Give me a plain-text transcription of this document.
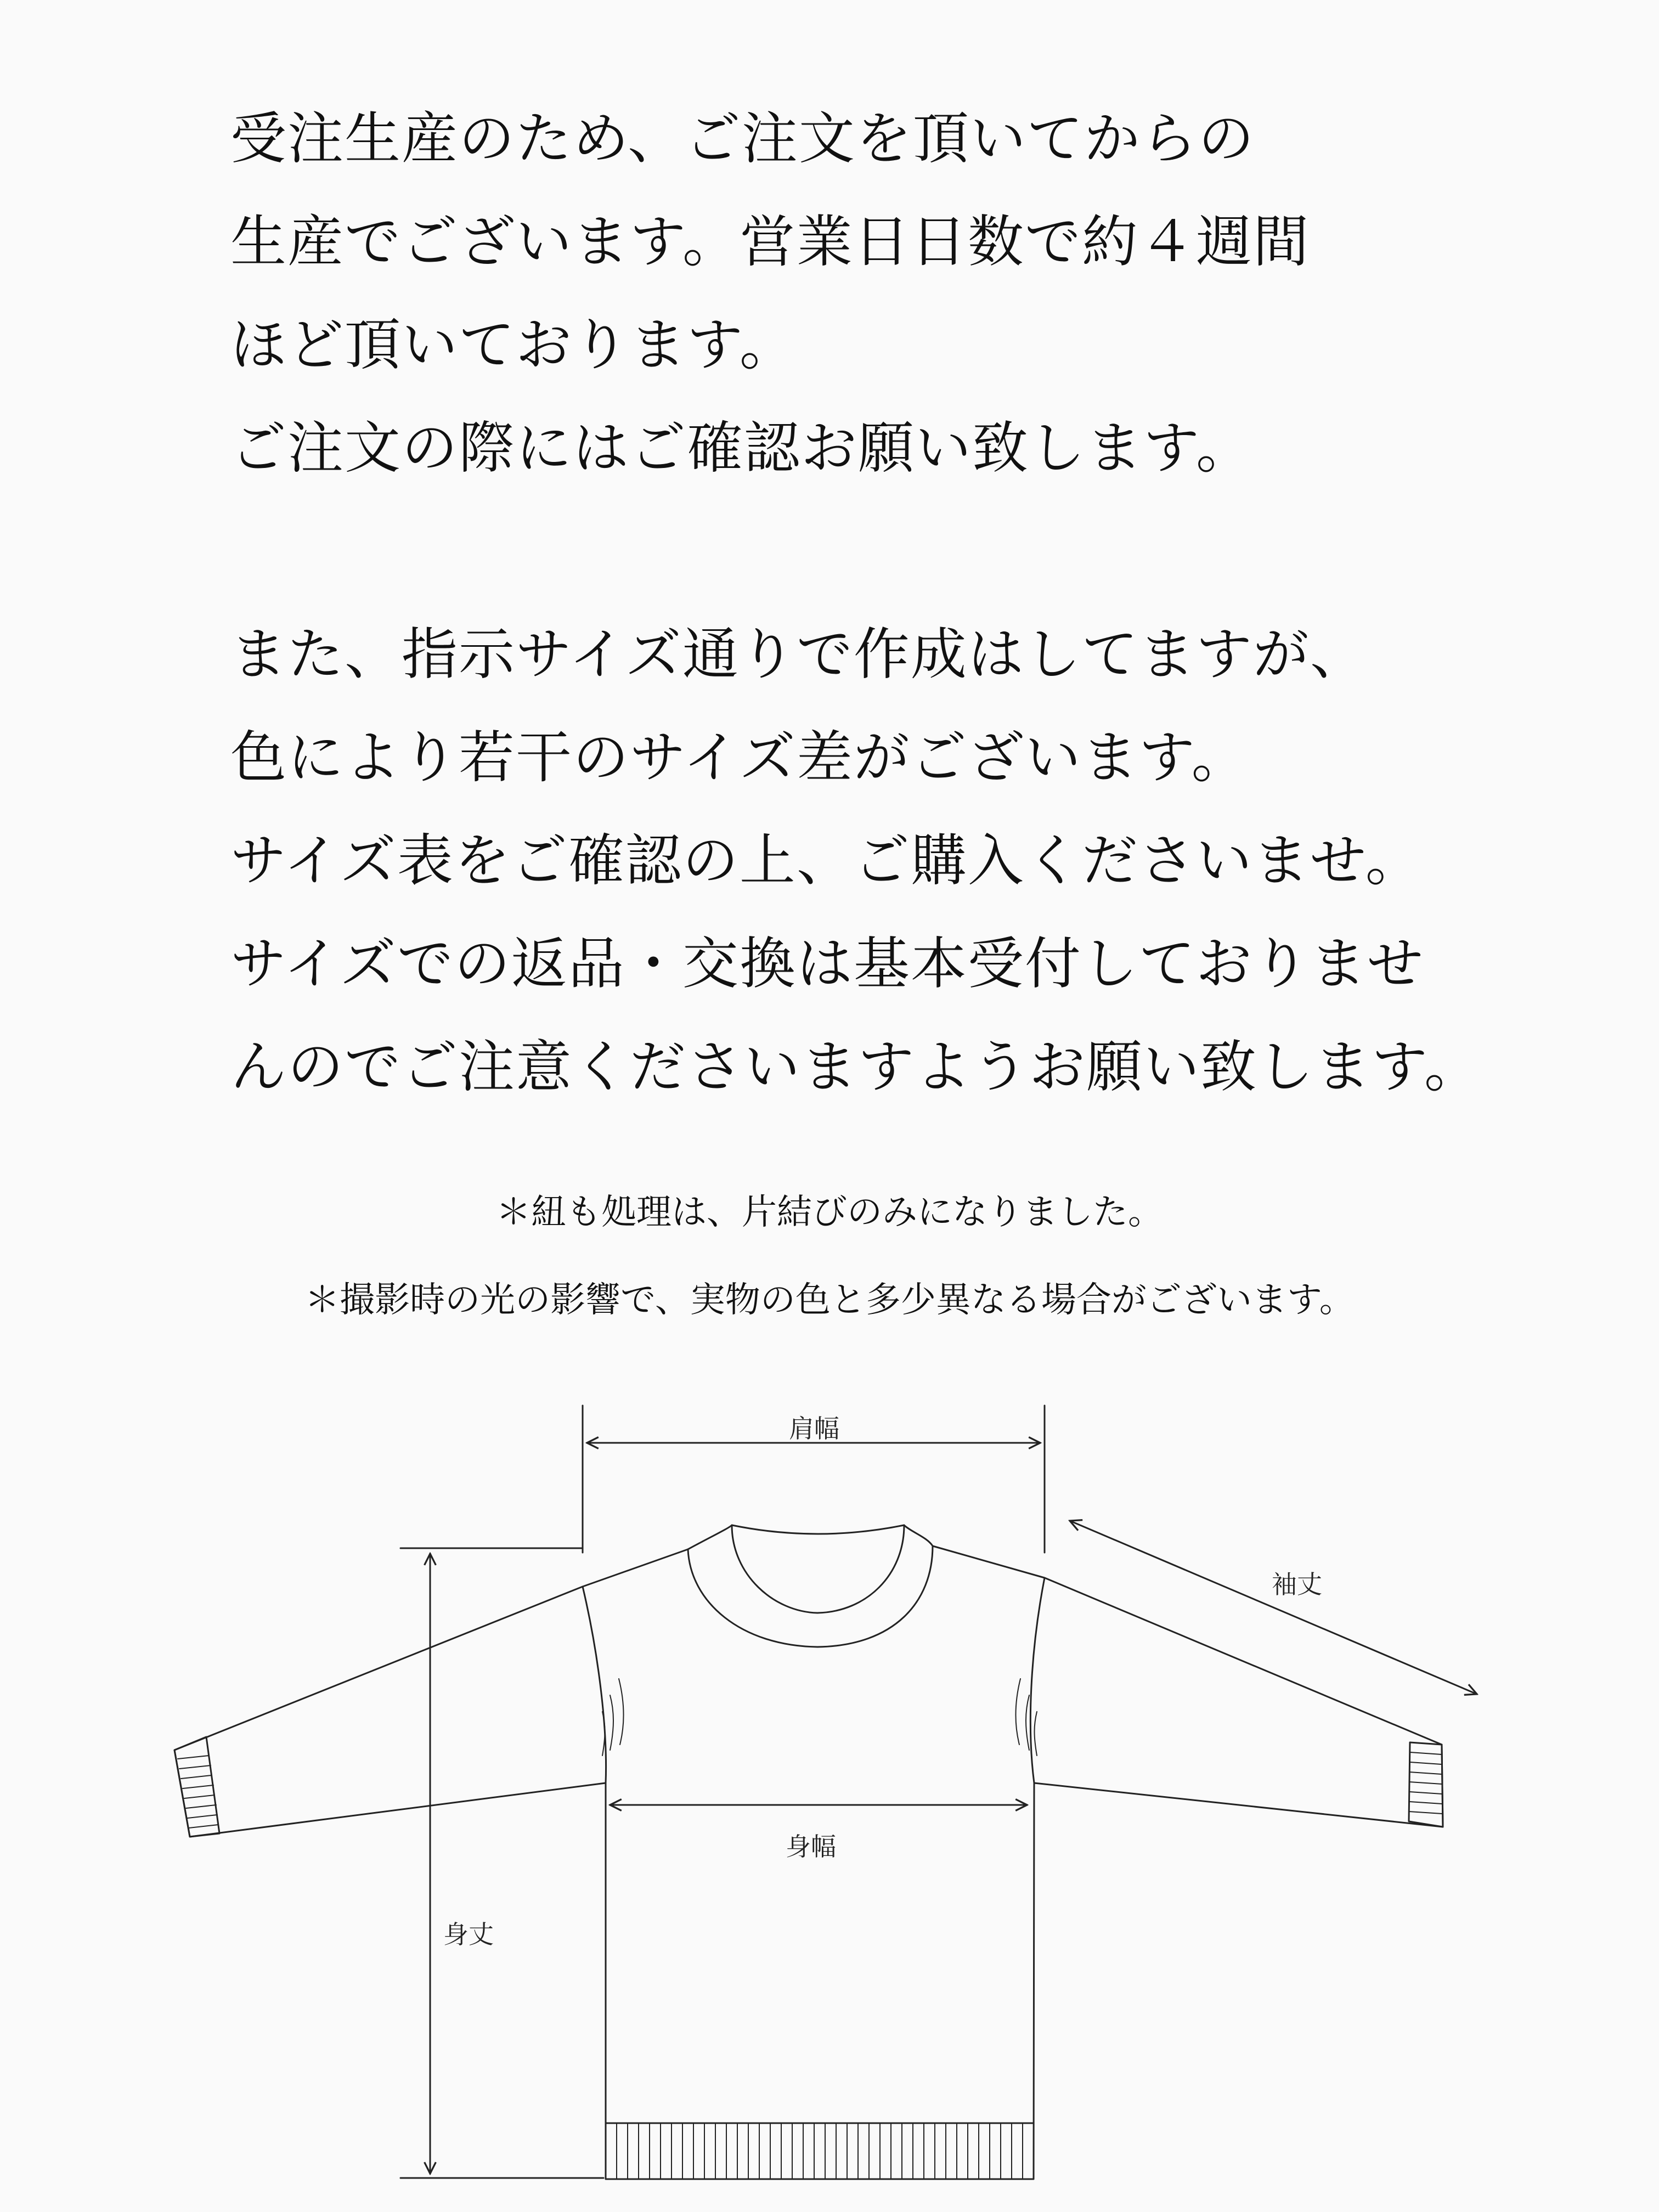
受注生産のため、ご注文を頂いてからの
生産でございます。営業日日数で約４週間
ほど頂いております。
ご注文の際にはご確認お願い致します。
また、指示サイズ通りで作成はしてますが、
色により若干のサイズ差がございます。
サイズ表をご確認の上、ご購入くださいませ。
サイズでの返品・交換は基本受付しておりませ
んのでご注意くださいますようお願い致します。
＊紐も処理は、片結びのみになりました。
＊撮影時の光の影響で、実物の色と多少異なる場合がございます。
肩幅
袖丈
身幅
身丈
